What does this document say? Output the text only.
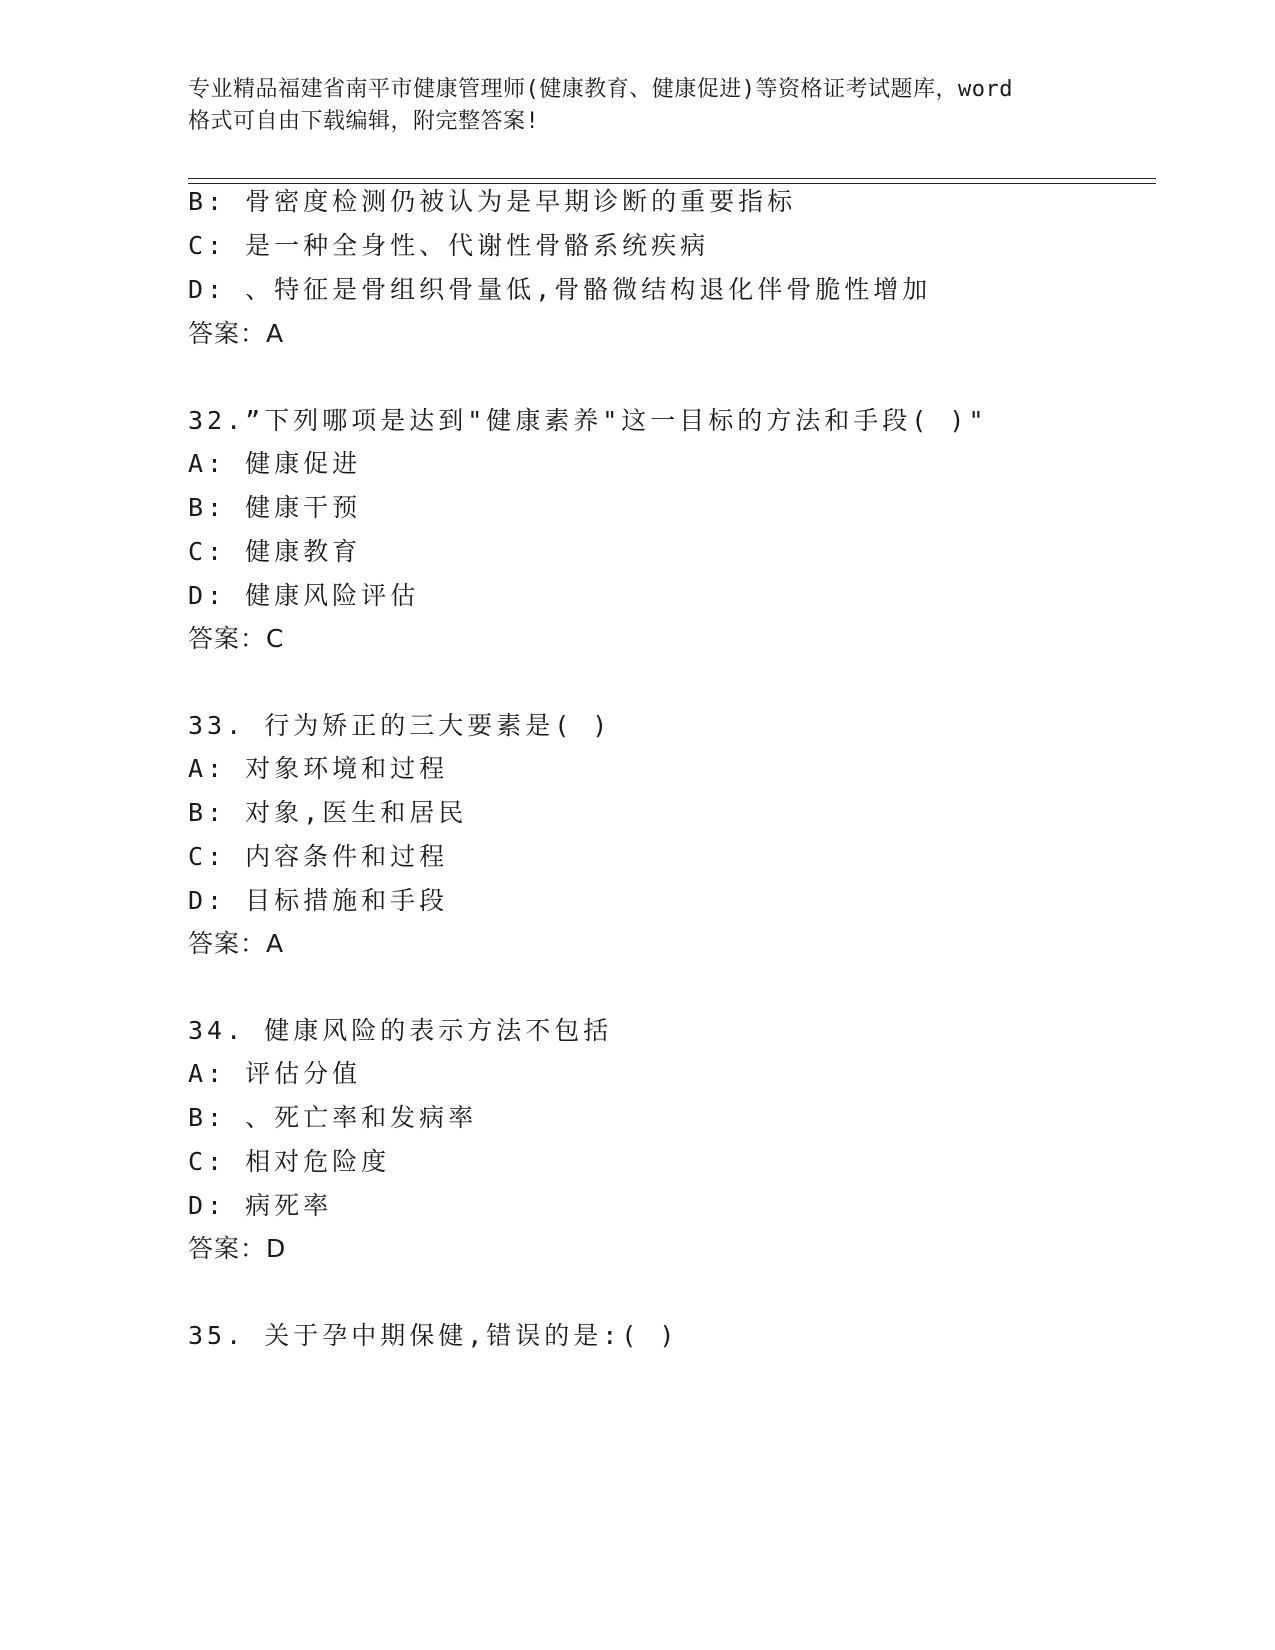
专业精品福建省南平市健康管理师(健康教育、健康促进)等资格证考试题库，word
格式可自由下载编辑，附完整答案!
B: 骨密度检测仍被认为是早期诊断的重要指标
C: 是一种全身性、代谢性骨骼系统疾病
D: 、特征是骨组织骨量低,骨骼微结构退化伴骨脆性增加
答案：A
32.”下列哪项是达到"健康素养"这一目标的方法和手段( )"
A: 健康促进
B: 健康干预
C: 健康教育
D: 健康风险评估
答案：C
33. 行为矫正的三大要素是( )
A: 对象环境和过程
B: 对象,医生和居民
C: 内容条件和过程
D: 目标措施和手段
答案：A
34. 健康风险的表示方法不包括
A: 评估分值
B: 、死亡率和发病率
C: 相对危险度
D: 病死率
答案：D
35. 关于孕中期保健,错误的是:( )
